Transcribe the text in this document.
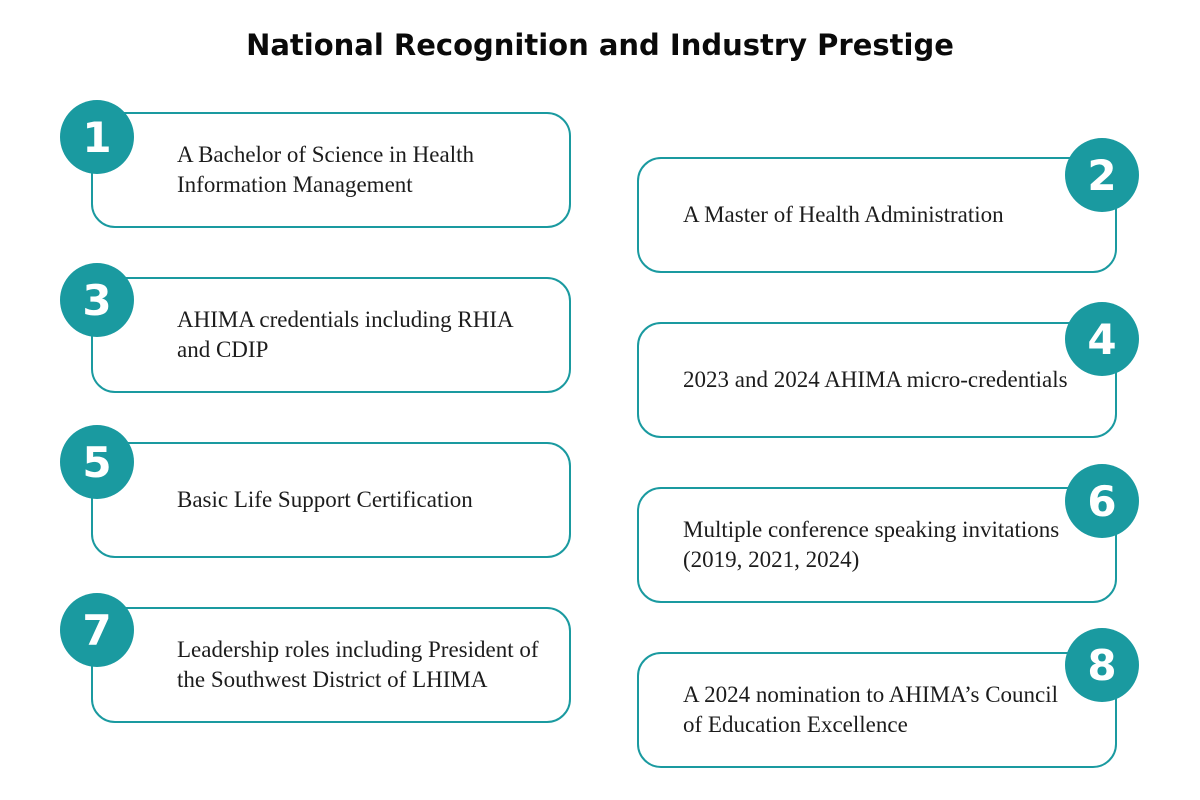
National Recognition and Industry Prestige
A Bachelor of Science in Health Information Management
1
A Master of Health Administration
2
AHIMA credentials including RHIA and CDIP
3
2023 and 2024 AHIMA micro-credentials
4
Basic Life Support Certification
5
Multiple conference speaking invitations (2019, 2021, 2024)
6
Leadership roles including President of the Southwest District of LHIMA
7
A 2024 nomination to AHIMA’s Council of Education Excellence
8
